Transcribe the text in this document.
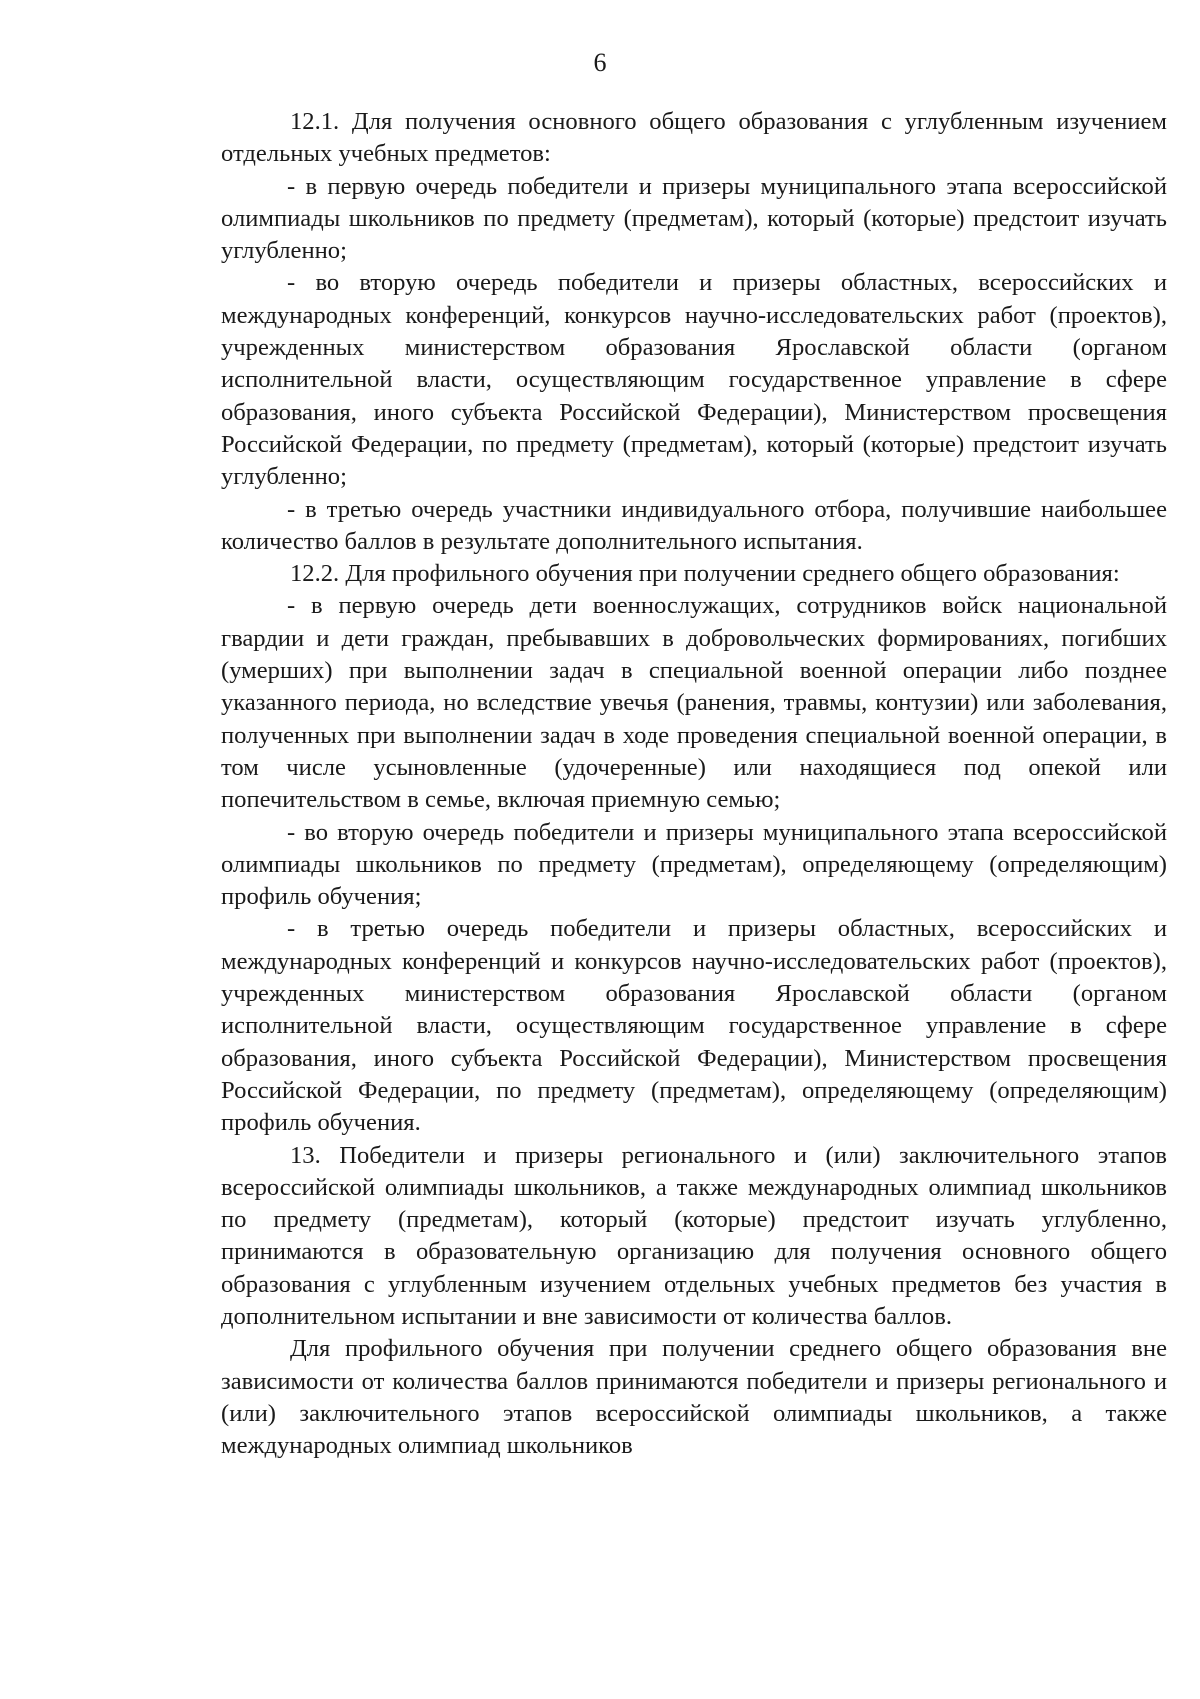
6

12.1. Для получения основного общего образования с углубленным изучением отдельных учебных предметов:

- в первую очередь победители и призеры муниципального этапа всероссийской олимпиады школьников по предмету (предметам), который (которые) предстоит изучать углубленно;

- во вторую очередь победители и призеры областных, всероссийских и международных конференций, конкурсов научно-исследовательских работ (проектов), учрежденных министерством образования Ярославской области (органом исполнительной власти, осуществляющим государственное управление в сфере образования, иного субъекта Российской Федерации), Министерством просвещения Российской Федерации, по предмету (предметам), который (которые) предстоит изучать углубленно;

- в третью очередь участники индивидуального отбора, получившие наибольшее количество баллов в результате дополнительного испытания.

12.2. Для профильного обучения при получении среднего общего образования:

- в первую очередь дети военнослужащих, сотрудников войск национальной гвардии и дети граждан, пребывавших в добровольческих формированиях, погибших (умерших) при выполнении задач в специальной военной операции либо позднее указанного периода, но вследствие увечья (ранения, травмы, контузии) или заболевания, полученных при выполнении задач в ходе проведения специальной военной операции, в том числе усыновленные (удочеренные) или находящиеся под опекой или попечительством в семье, включая приемную семью;

- во вторую очередь победители и призеры муниципального этапа всероссийской олимпиады школьников по предмету (предметам), определяющему (определяющим) профиль обучения;

- в третью очередь победители и призеры областных, всероссийских и международных конференций и конкурсов научно-исследовательских работ (проектов), учрежденных министерством образования Ярославской области (органом исполнительной власти, осуществляющим государственное управление в сфере образования, иного субъекта Российской Федерации), Министерством просвещения Российской Федерации, по предмету (предметам), определяющему (определяющим) профиль обучения.

13. Победители и призеры регионального и (или) заключительного этапов всероссийской олимпиады школьников, а также международных олимпиад школьников по предмету (предметам), который (которые) предстоит изучать углубленно, принимаются в образовательную организацию для получения основного общего образования с углубленным изучением отдельных учебных предметов без участия в дополнительном испытании и вне зависимости от количества баллов.

Для профильного обучения при получении среднего общего образования вне зависимости от количества баллов принимаются победители и призеры регионального и (или) заключительного этапов всероссийской олимпиады школьников, а также международных олимпиад школьников
